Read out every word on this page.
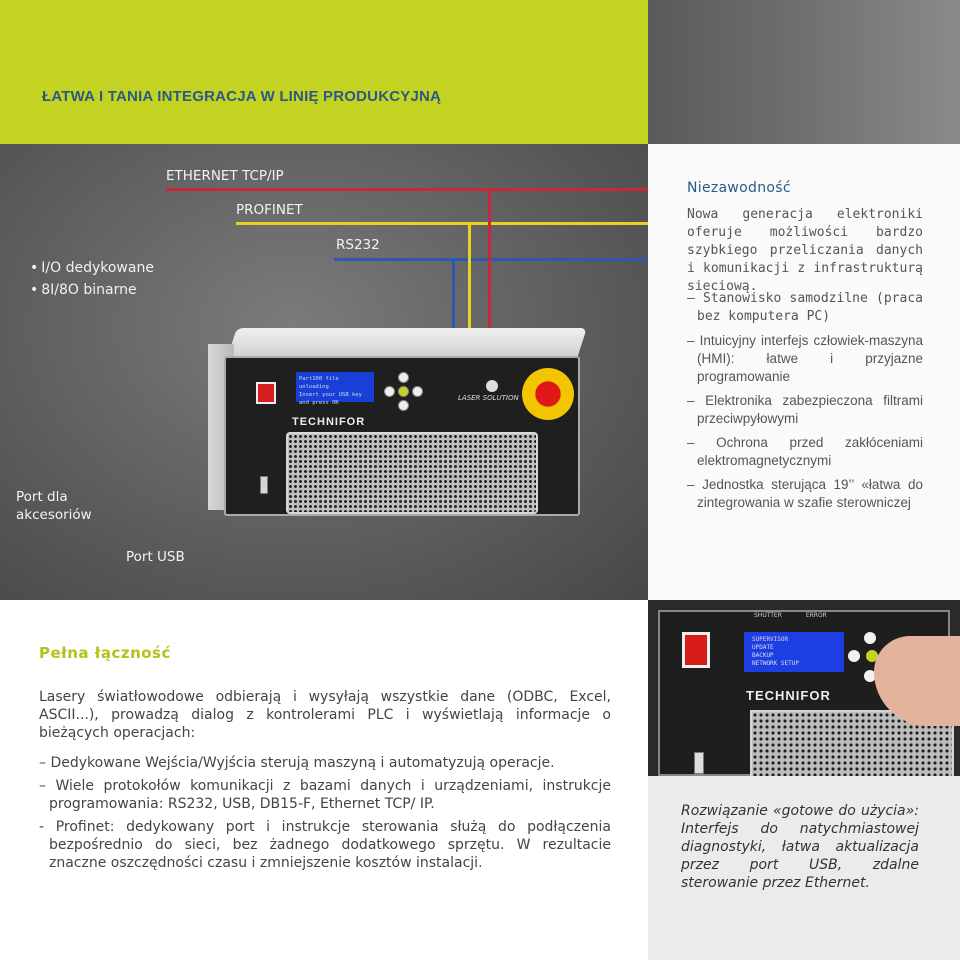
ŁATWA I TANIA INTEGRACJA W LINIĘ PRODUKCYJNĄ
ETHERNET TCP/IP
PROFINET
RS232
• I/O dedykowane
• 8I/8O binarne
Port dla akcesoriów
Port USB
Part100 file unloading
Insert your USB key
and press OK
LASER SOLUTION
TECHNIFOR
Niezawodność
Nowa generacja elektroniki oferuje możliwości bardzo szybkiego przeliczania danych i komunikacji z infrastrukturą sieciową.
– Stanowisko samodzilne (praca bez komputera PC)
– Intuicyjny interfejs człowiek-maszyna (HMI): łatwe i przyjazne programowanie
– Elektronika zabezpieczona filtrami przeciwpyłowymi
– Ochrona przed zakłóceniami elektromagnetycznymi
– Jednostka sterująca 19’’ «łatwa do zintegrowania w szafie sterowniczej
Pełna łączność
Lasery światłowodowe odbierają i wysyłają wszystkie dane (ODBC, Excel, ASCII...), prowadzą dialog z kontrolerami PLC i wyświetlają informacje o bieżących operacjach:
– Dedykowane Wejścia/Wyjścia sterują maszyną i automatyzują operacje.
– Wiele protokołów komunikacji z bazami danych i urządzeniami, instrukcje programowania: RS232, USB, DB15-F, Ethernet TCP/ IP.
- Profinet: dedykowany port i instrukcje sterowania służą do podłączenia bezpośrednio do sieci, bez żadnego dodatkowego sprzętu. W rezultacie znaczne oszczędności czasu i zmniejszenie kosztów instalacji.
SHUTTER	ERROR
SUPERVISOR
UPDATE
BACKUP
NETWORK SETUP
TECHNIFOR
Rozwiązanie «gotowe do użycia»: Interfejs do natychmiastowej diagnostyki, łatwa aktualizacja przez port USB, zdalne sterowanie przez Ethernet.
